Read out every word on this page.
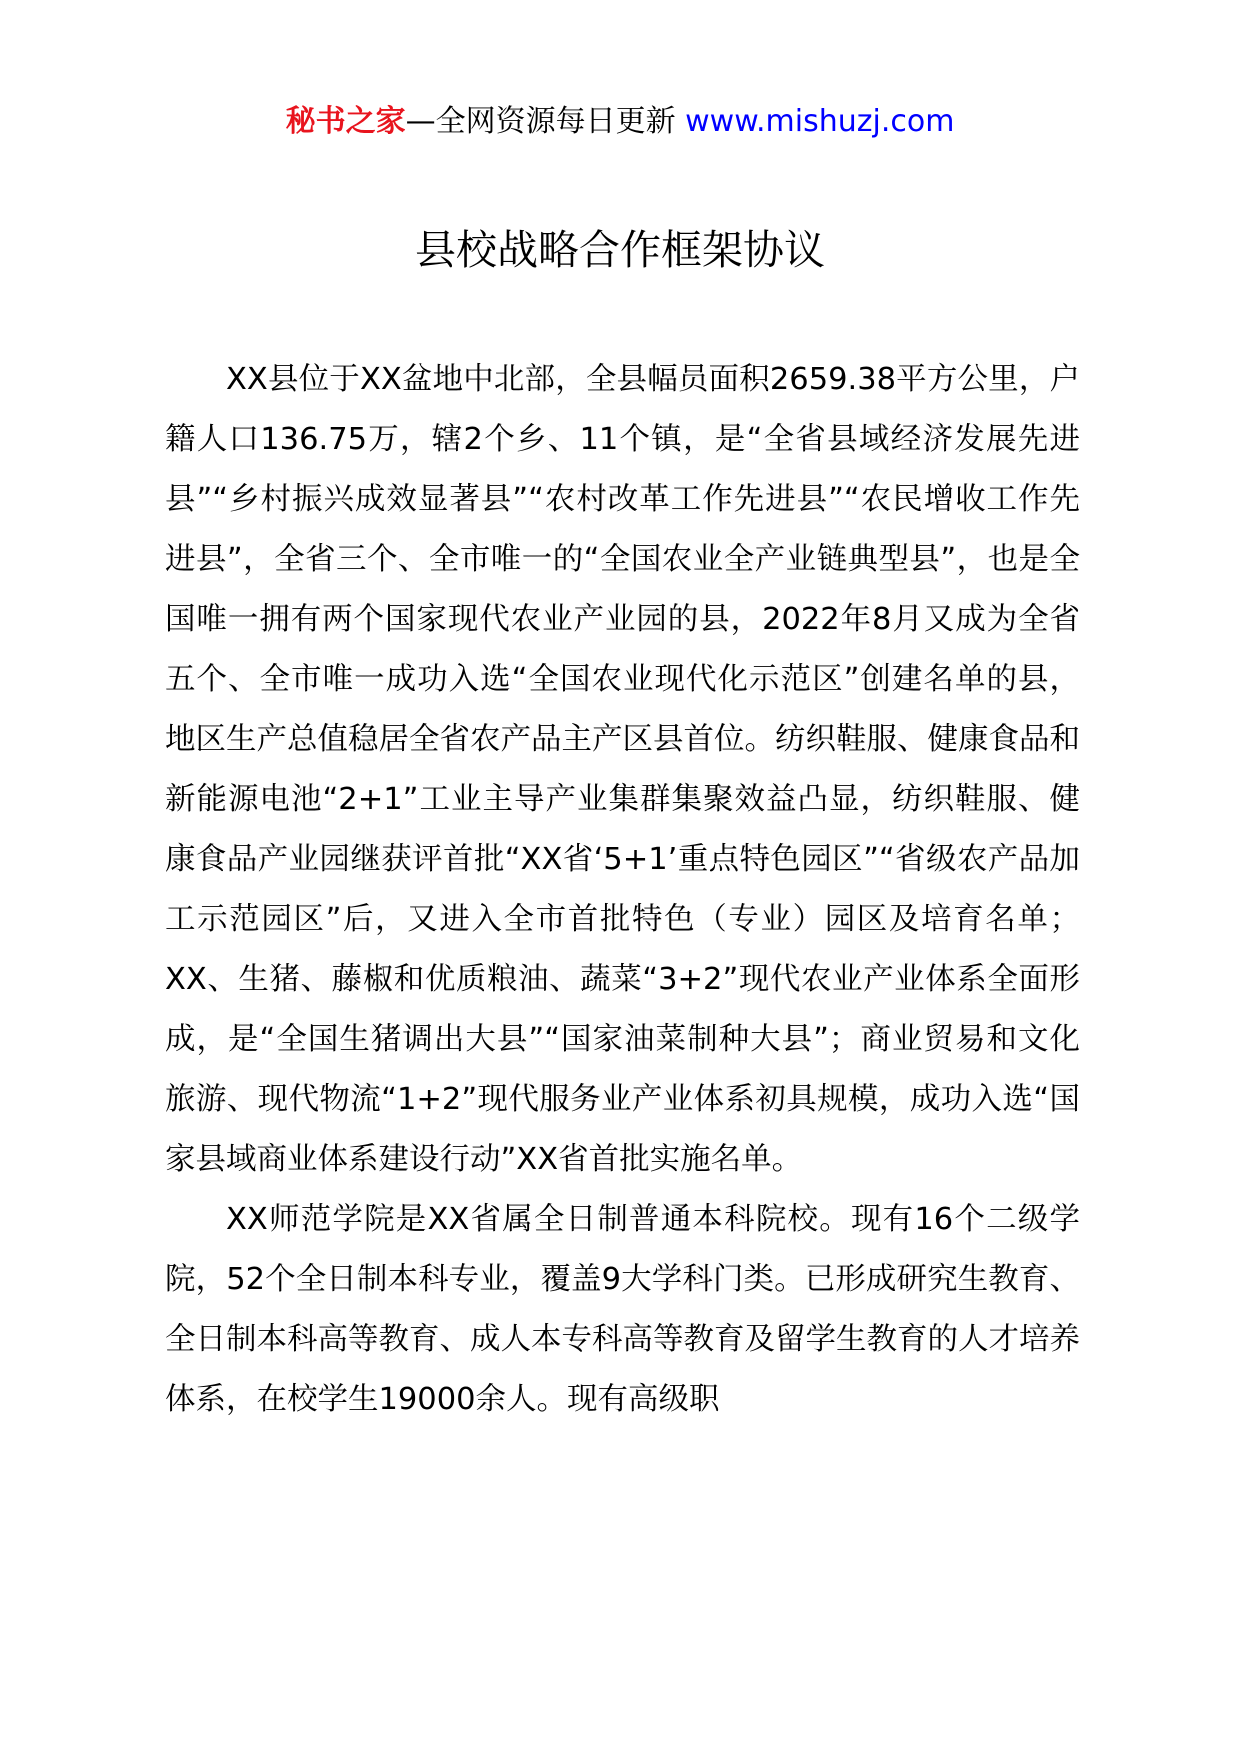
秘书之家—全网资源每日更新 www.mishuzj.com
县校战略合作框架协议

XX县位于XX盆地中北部，全县幅员面积2659.38平方公里，户籍人口136.75万，辖2个乡、11个镇，是“全省县域经济发展先进县”“乡村振兴成效显著县”“农村改革工作先进县”“农民增收工作先进县”，全省三个、全市唯一的“全国农业全产业链典型县”，也是全国唯一拥有两个国家现代农业产业园的县，2022年8月又成为全省五个、全市唯一成功入选“全国农业现代化示范区”创建名单的县，地区生产总值稳居全省农产品主产区县首位。纺织鞋服、健康食品和新能源电池“2+1”工业主导产业集群集聚效益凸显，纺织鞋服、健康食品产业园继获评首批“XX省‘5+1’重点特色园区”“省级农产品加工示范园区”后，又进入全市首批特色（专业）园区及培育名单；XX、生猪、藤椒和优质粮油、蔬菜“3+2”现代农业产业体系全面形成，是“全国生猪调出大县”“国家油菜制种大县”；商业贸易和文化旅游、现代物流“1+2”现代服务业产业体系初具规模，成功入选“国家县域商业体系建设行动”XX省首批实施名单。

XX师范学院是XX省属全日制普通本科院校。现有16个二级学院，52个全日制本科专业，覆盖9大学科门类。已形成研究生教育、全日制本科高等教育、成人本专科高等教育及留学生教育的人才培养体系，在校学生19000余人。现有高级职
